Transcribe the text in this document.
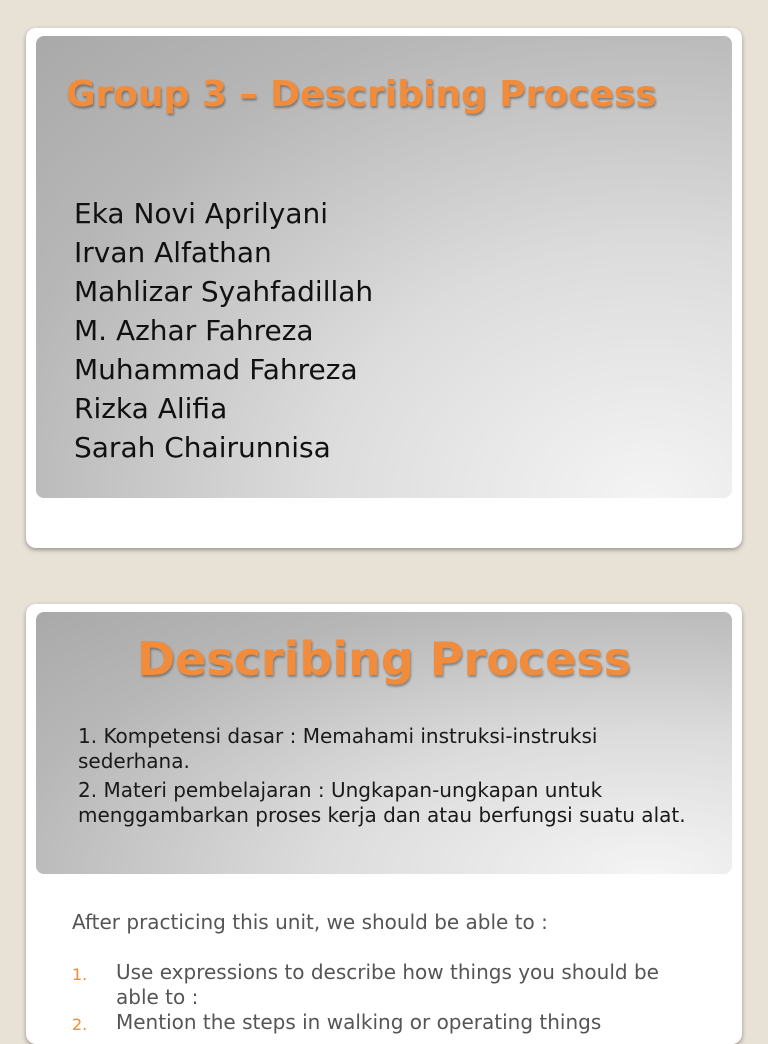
Group 3 – Describing Process
Eka Novi Aprilyani
Irvan Alfathan
Mahlizar Syahfadillah
M. Azhar Fahreza
Muhammad Fahreza
Rizka Alifia
Sarah Chairunnisa
Describing Process

1. Kompetensi dasar : Memahami instruksi-instruksi sederhana.

2. Materi pembelajaran : Ungkapan-ungkapan untuk menggambarkan proses kerja dan atau berfungsi suatu alat.

After practicing this unit, we should be able to :

1. Use expressions to describe how things you should be able to :
2. Mention the steps in walking or operating things
